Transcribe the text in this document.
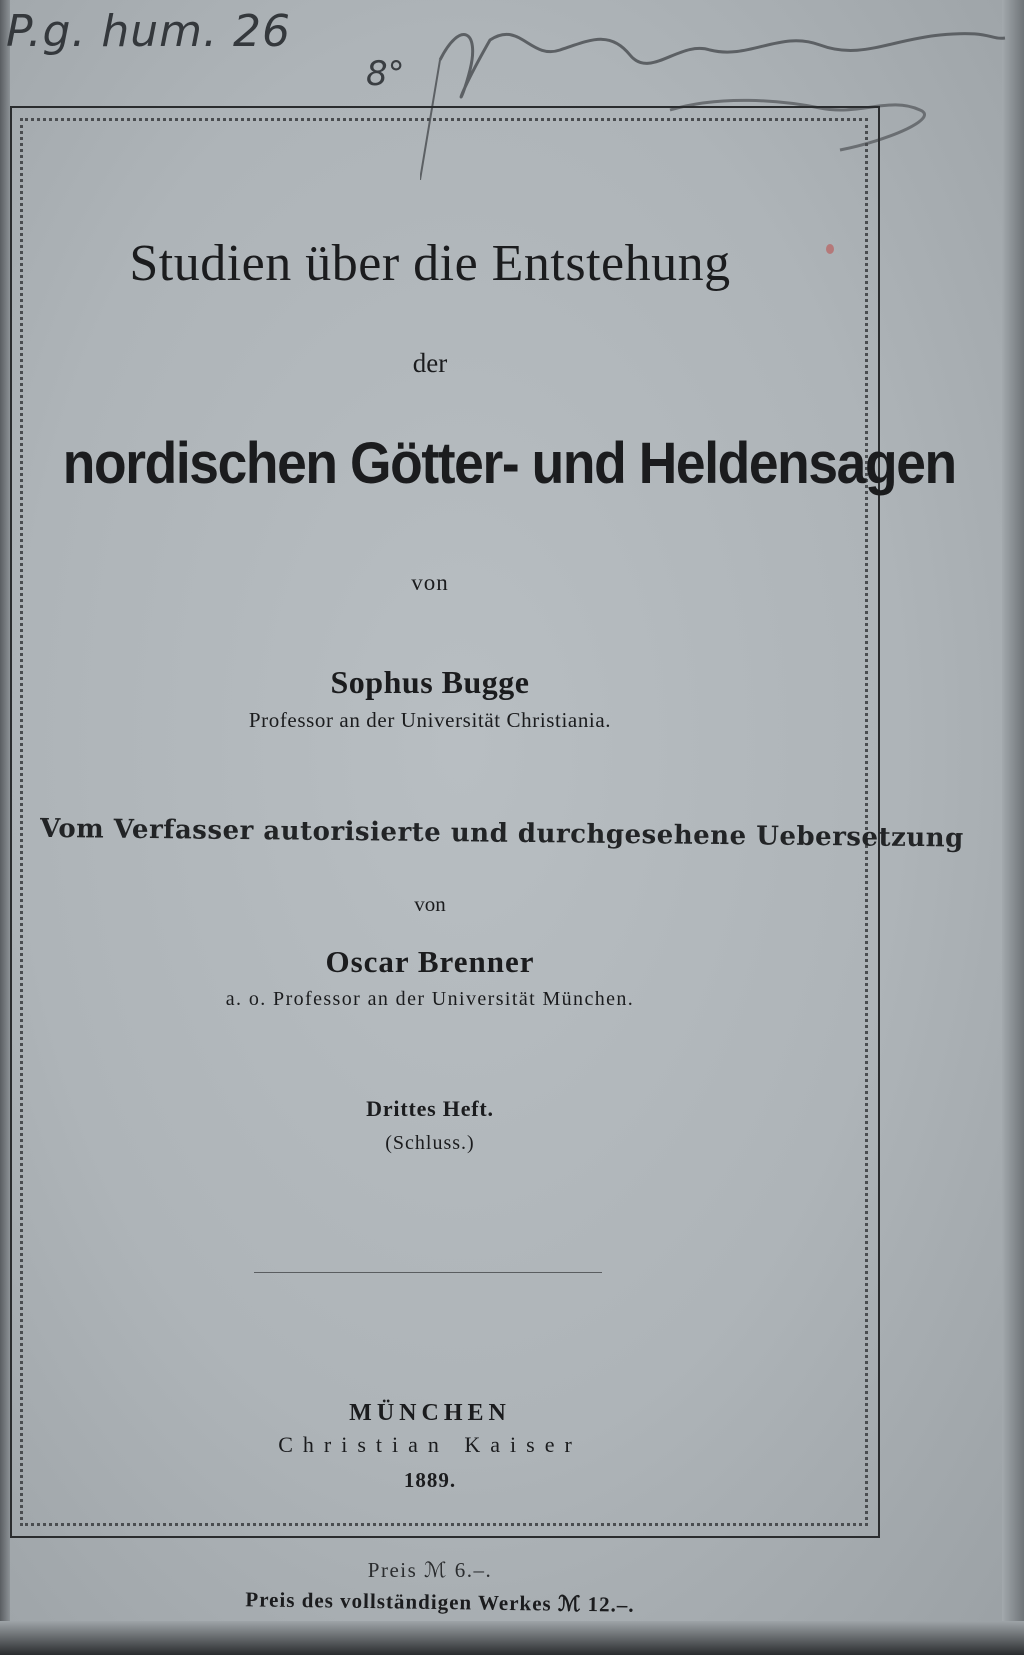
P.g. hum. 26
8°
Studien über die Entstehung
der
nordischen Götter- und Heldensagen
von
Sophus Bugge
Professor an der Universität Christiania.
Vom Verfasser autorisierte und durchgesehene Uebersetzung
von
Oscar Brenner
a. o. Professor an der Universität München.
Drittes Heft.
(Schluss.)
MÜNCHEN
Christian Kaiser
1889.
Preis ℳ 6.–.
Preis des vollständigen Werkes ℳ 12.–.
